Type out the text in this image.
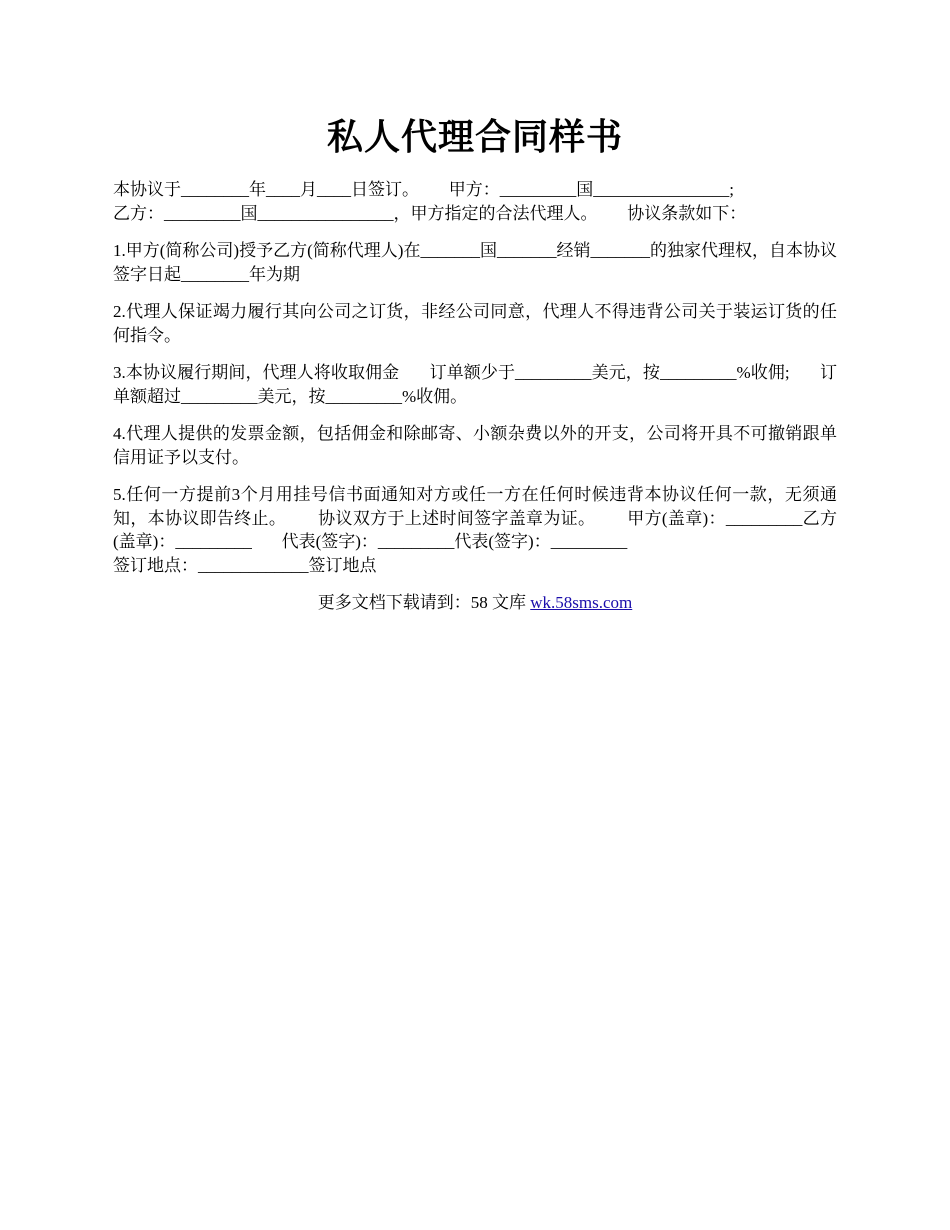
私人代理合同样书

本协议于________年____月____日签订。       甲方：_________国________________;
乙方：_________国________________，甲方指定的合法代理人。       协议条款如下：

1.甲方(简称公司)授予乙方(简称代理人)在_______国_______经销_______的独家代理权，自本协议签字日起________年为期

2.代理人保证竭力履行其向公司之订货，非经公司同意，代理人不得违背公司关于装运订货的任何指令。

3.本协议履行期间，代理人将收取佣金       订单额少于_________美元，按_________%收佣;       订单额超过_________美元，按_________%收佣。

4.代理人提供的发票金额，包括佣金和除邮寄、小额杂费以外的开支，公司将开具不可撤销跟单信用证予以支付。

5.任何一方提前3个月用挂号信书面通知对方或任一方在任何时候违背本协议任何一款，无须通知，本协议即告终止。       协议双方于上述时间签字盖章为证。       甲方(盖章)：_________乙方(盖章)：_________       代表(签字)：_________代表(签字)：_________
签订地点：_____________签订地点

更多文档下载请到：58 文库 wk.58sms.com
